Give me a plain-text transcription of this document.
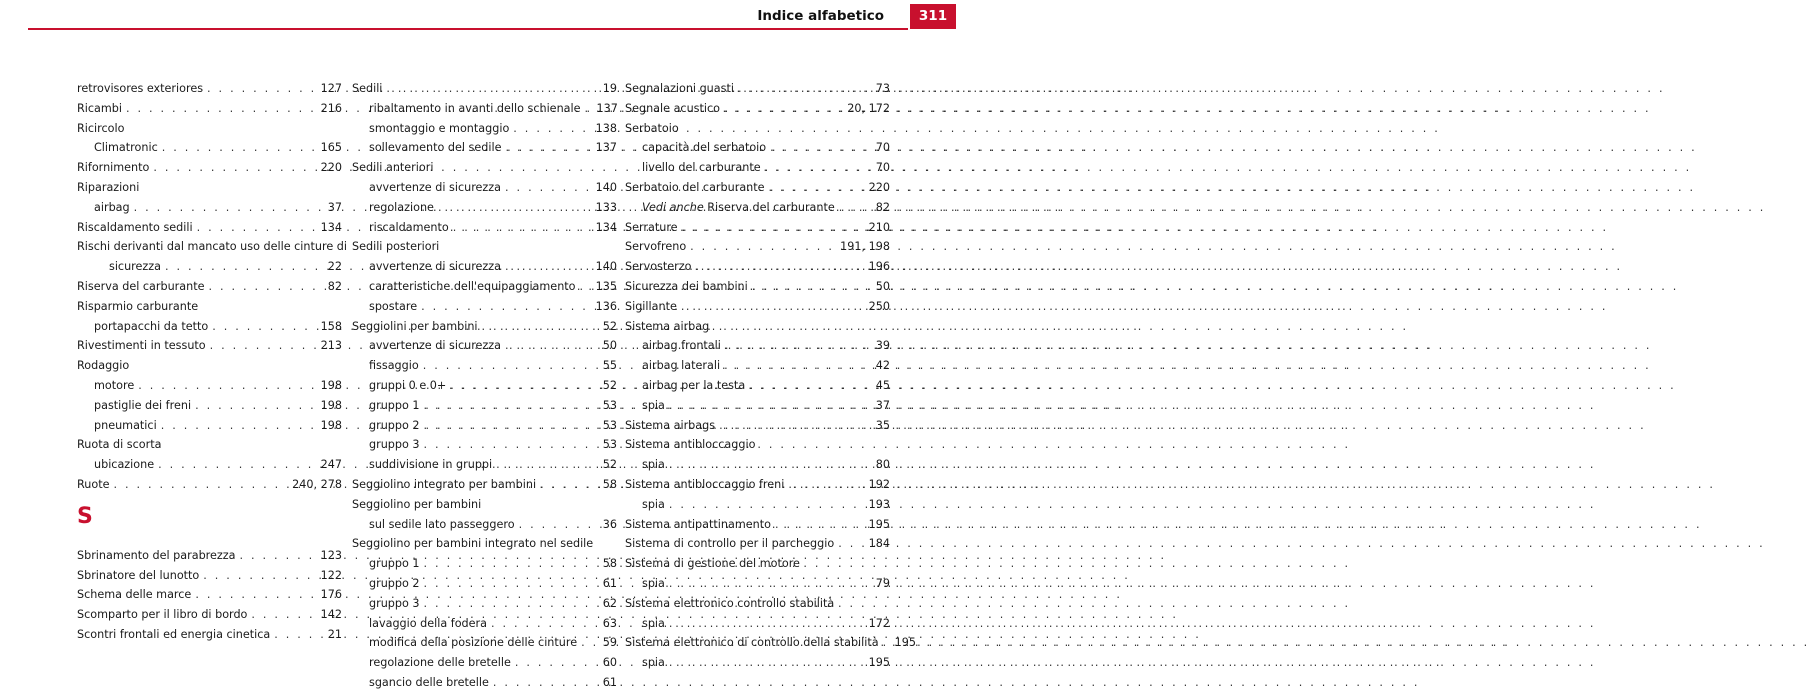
Indice alfabetico	311
retrovisores exteriores . . .	127
Ricambi . . .	216
Ricircolo
Climatronic . . .	165
Rifornimento . . .	220
Riparazioni
airbag . . .	37
Riscaldamento sedili . . .	134
Rischi derivanti dal mancato uso delle cinture di
sicurezza . . .	22
Riserva del carburante . . .	82
Risparmio carburante
portapacchi da tetto . . .	158
Rivestimenti in tessuto . . .	213
Rodaggio
motore . . .	198
pastiglie dei freni . . .	198
pneumatici . . .	198
Ruota di scorta
ubicazione . . .	247
Ruote . . .	240, 278
S
Sbrinamento del parabrezza . . .	123
Sbrinatore del lunotto . . .	122
Schema delle marce . . .	176
Scomparto per il libro di bordo . . .	142
Scontri frontali ed energia cinetica . . .	21
Sedili . . .	19
ribaltamento in avanti dello schienale . . . 137
smontaggio e montaggio . . .	138
sollevamento del sedile . . .	137
Sedili anteriori
avvertenze di sicurezza . . .	140
regolazione . . .	133
riscaldamento . . .	134
Sedili posteriori
avvertenze di sicurezza . . .	140
caratteristiche dell'equipaggiamento . . . 135
spostare . . .	136
Seggiolini per bambini . . .	52
avvertenze di sicurezza . . .	50
fissaggio . . .	55
gruppi 0 e 0+ . . .	52
gruppo 1 . . .	53
gruppo 2 . . .	53
gruppo 3 . . .	53
suddivisione in gruppi . . .	52
Seggiolino integrato per bambini . . .	58
Seggiolino per bambini
sul sedile lato passeggero . . .	36
Seggiolino per bambini integrato nel sedile
gruppo 1 . . .	58
gruppo 2 . . .	61
gruppo 3 . . .	62
lavaggio della fodera . . .	63
modifica della posizione delle cinture . . . 59
regolazione delle bretelle . . .	60
sgancio delle bretelle . . .	61
Segnalazioni guasti . . .	73
Segnale acustico . . .	20, 172
Serbatoio
capacità del serbatoio . . .	70
livello del carburante . . .	70
Serbatoio del carburante . . .	220
Vedi anche Riserva del carburante . . .	82
Serrature . . .	210
Servofreno . . .	191, 198
Servosterzo . . .	196
Sicurezza dei bambini . . .	50
Sigillante . . .	250
Sistema airbag
airbag frontali . . .	39
airbag laterali . . .	42
airbag per la testa . . .	45
spia . . .	37
Sistema airbags . . .	35
Sistema antibloccaggio
spia . . .	80
Sistema antibloccaggio freni . . .	192
spia . . .	193
Sistema antipattinamento . . .	195
Sistema di controllo per il parcheggio . . .	184
Sistema di gestione del motore
spia . . .	79
Sistema elettronico controllo stabilità
spia . . .	172
Sistema elettronico di controllo della stabilità . . . 195
spia . . .	195
